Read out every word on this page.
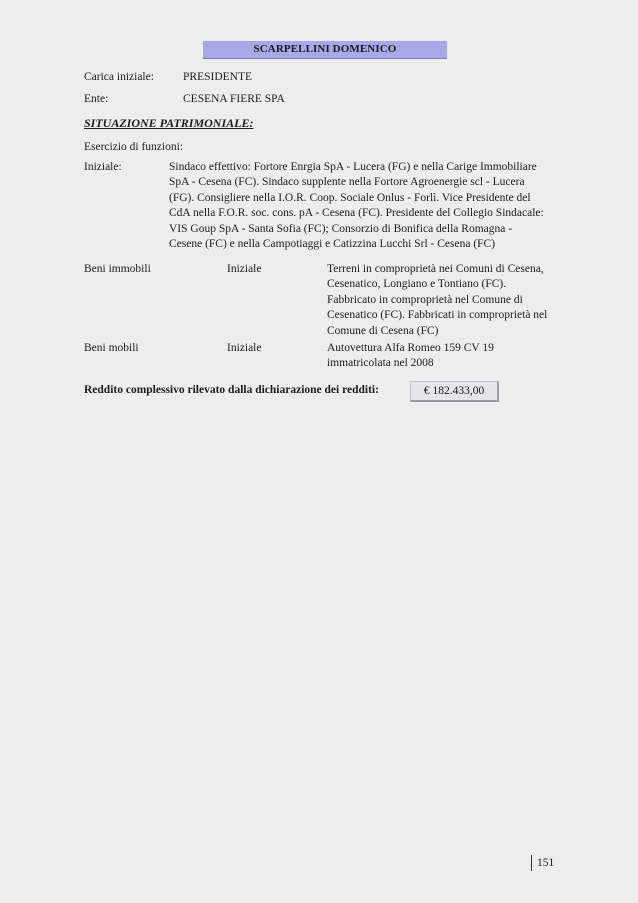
SCARPELLINI DOMENICO
Carica iniziale:	PRESIDENTE
Ente:	CESENA FIERE SPA
SITUAZIONE PATRIMONIALE:
Esercizio di funzioni:
Iniziale:	Sindaco effettivo: Fortore Enrgia SpA - Lucera (FG) e nella Carige Immobiliare
SpA - Cesena (FC). Sindaco supplente nella Fortore Agroenergie scl - Lucera
(FG). Consigliere nella I.O.R. Coop. Sociale Onlus - Forlì. Vice Presidente del
CdA nella F.O.R. soc. cons. pA - Cesena (FC). Presidente del Collegio Sindacale:
VIS Goup SpA - Santa Sofia (FC); Consorzio di Bonifica della Romagna -
Cesene (FC) e nella Campotiaggi e Catizzina Lucchi Srl - Cesena (FC)
Beni immobili	Iniziale	Terreni in comproprietà nei Comuni di Cesena,
Cesenatico, Longiano e Tontiano (FC).
Fabbricato in comproprietà nel Comune di
Cesenatico (FC). Fabbricati in comproprietà nel
Comune di Cesena (FC)
Beni mobili	Iniziale	Autovettura Alfa Romeo 159 CV 19
immatricolata nel 2008
Reddito complessivo rilevato dalla dichiarazione dei redditi:	€ 182.433,00
151
